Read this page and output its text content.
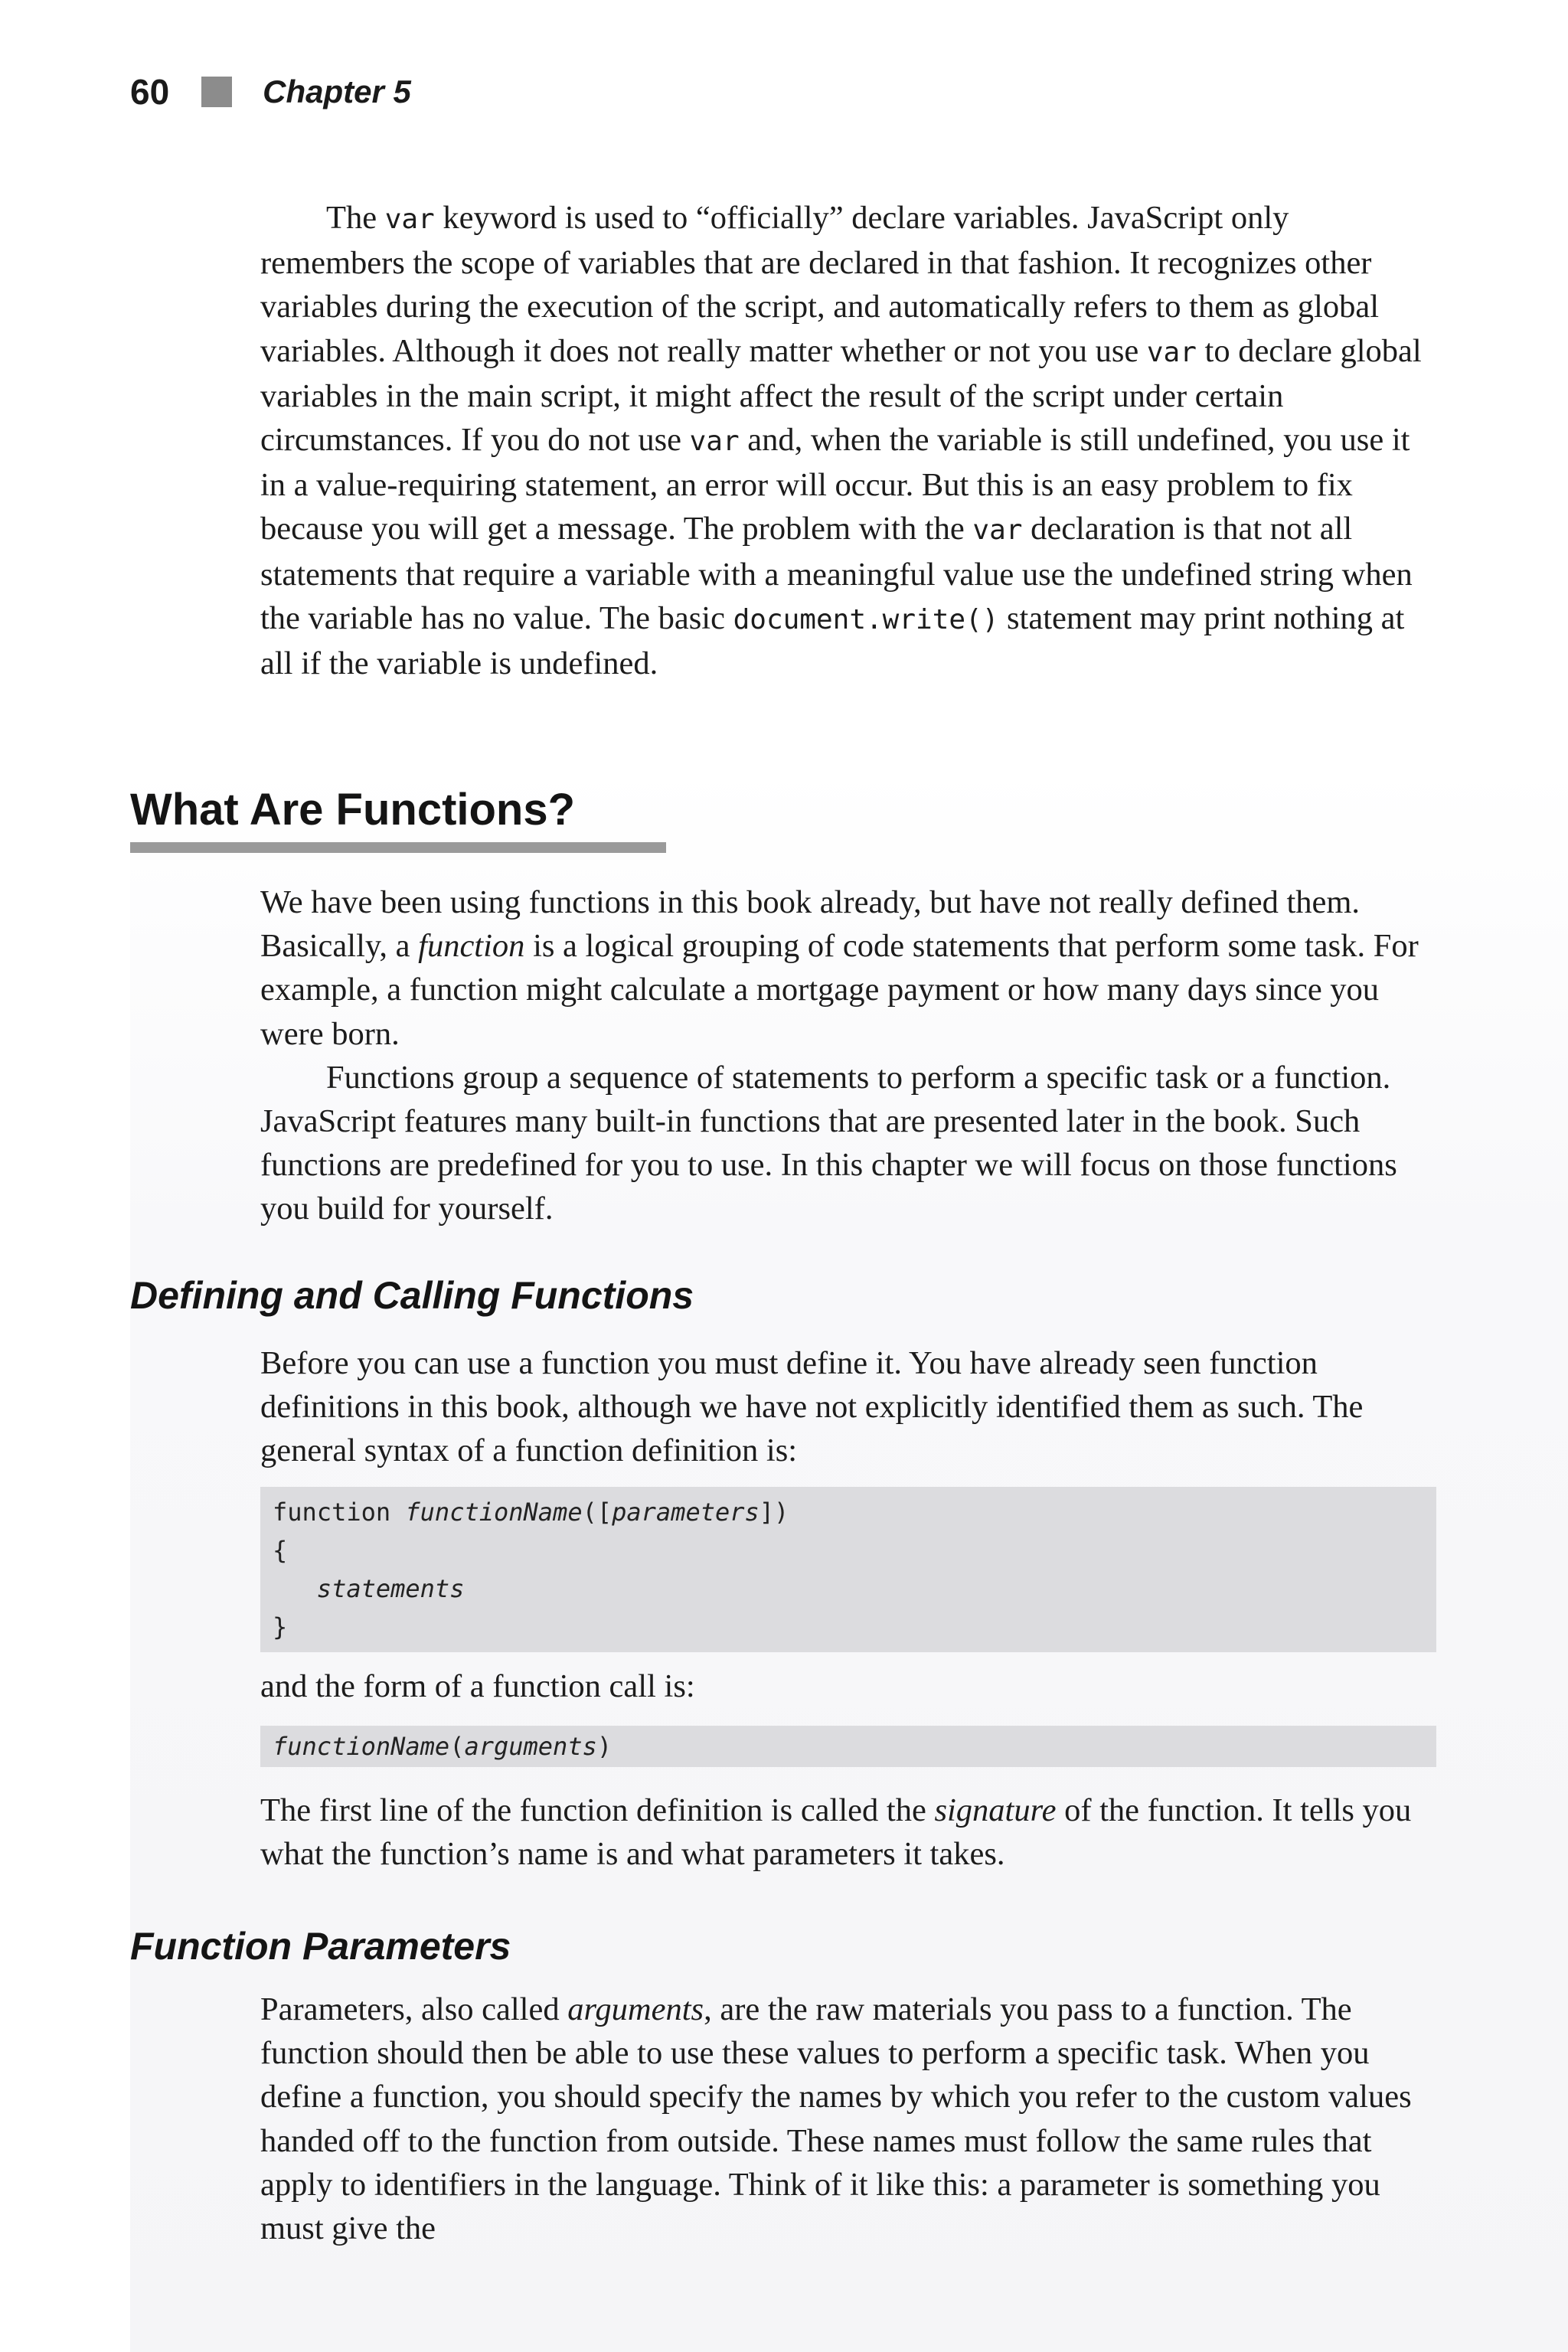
60	Chapter 5

The var keyword is used to “officially” declare variables. JavaScript only remembers the scope of variables that are declared in that fashion. It recognizes other variables during the execution of the script, and automatically refers to them as global variables. Although it does not really matter whether or not you use var to declare global variables in the main script, it might affect the result of the script under certain circumstances. If you do not use var and, when the variable is still undefined, you use it in a value-requiring statement, an error will occur. But this is an easy problem to fix because you will get a message. The problem with the var declaration is that not all statements that require a variable with a meaningful value use the undefined string when the variable has no value. The basic document.write() statement may print nothing at all if the variable is undefined.

What Are Functions?

We have been using functions in this book already, but have not really defined them. Basically, a function is a logical grouping of code statements that perform some task. For example, a function might calculate a mortgage payment or how many days since you were born.

Functions group a sequence of statements to perform a specific task or a function. JavaScript features many built-in functions that are presented later in the book. Such functions are predefined for you to use. In this chapter we will focus on those functions you build for yourself.

Defining and Calling Functions

Before you can use a function you must define it. You have already seen function definitions in this book, although we have not explicitly identified them as such. The general syntax of a function definition is:

function functionName([parameters])
{
statements
}

and the form of a function call is:

functionName(arguments)

The first line of the function definition is called the signature of the function. It tells you what the function’s name is and what parameters it takes.

Function Parameters

Parameters, also called arguments, are the raw materials you pass to a function. The function should then be able to use these values to perform a specific task. When you define a function, you should specify the names by which you refer to the custom values handed off to the function from outside. These names must follow the same rules that apply to identifiers in the language. Think of it like this: a parameter is something you must give the
